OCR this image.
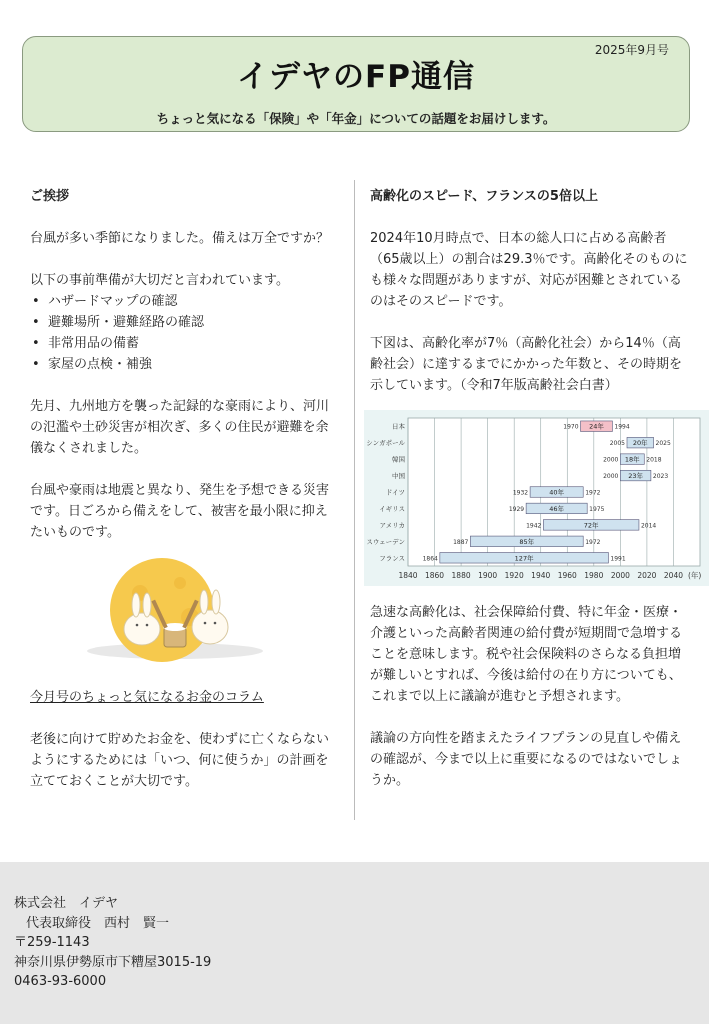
2025年9月号
イデヤのFP通信
ちょっと気になる「保険」や「年金」についての話題をお届けします。
ご挨拶

台風が多い季節になりました。備えは万全ですか？

以下の事前準備が大切だと言われています。

• ハザードマップの確認
• 避難場所・避難経路の確認
• 非常用品の備蓄
• 家屋の点検・補強

先月、九州地方を襲った記録的な豪雨により、河川の氾濫や土砂災害が相次ぎ、多くの住民が避難を余儀なくされました。

台風や豪雨は地震と異なり、発生を予想できる災害です。日ごろから備えをして、被害を最小限に抑えたいものです。

今月号のちょっと気になるお金のコラム

老後に向けて貯めたお金を、使わずに亡くならないようにするためには「いつ、何に使うか」の計画を立てておくことが大切です。

高齢化のスピード、フランスの5倍以上

2024年10月時点で、日本の総人口に占める高齢者（65歳以上）の割合は29.3％です。高齢化そのものにも様々な問題がありますが、対応が困難とされているのはそのスピードです。

下図は、高齢化率が7％（高齢化社会）から14％（高齢社会）に達するまでにかかった年数と、その時期を示しています。（令和7年版高齢社会白書）

1840 1860 1880 1900 1920 1940 1960 1980 2000 2020 2040 (年)
日本	24年
1970	1994
シンガポール	20年
2005	2025
韓国	18年
2000	2018
中国	23年
2000	2023
ドイツ	40年
1932	1972
イギリス	46年
1929	1975
アメリカ	72年
1942	2014
スウェーデン	85年
1887	1972
フランス	127年
1864	1991

急速な高齢化は、社会保障給付費、特に年金・医療・介護といった高齢者関連の給付費が短期間で急増することを意味します。税や社会保険料のさらなる負担増が難しいとすれば、今後は給付の在り方についても、これまで以上に議論が進むと予想されます。

議論の方向性を踏まえたライフプランの見直しや備えの確認が、今まで以上に重要になるのではないでしょうか。

株式会社　イデヤ
代表取締役　西村　賢一
〒259-1143
神奈川県伊勢原市下糟屋3015-19
0463-93-6000
